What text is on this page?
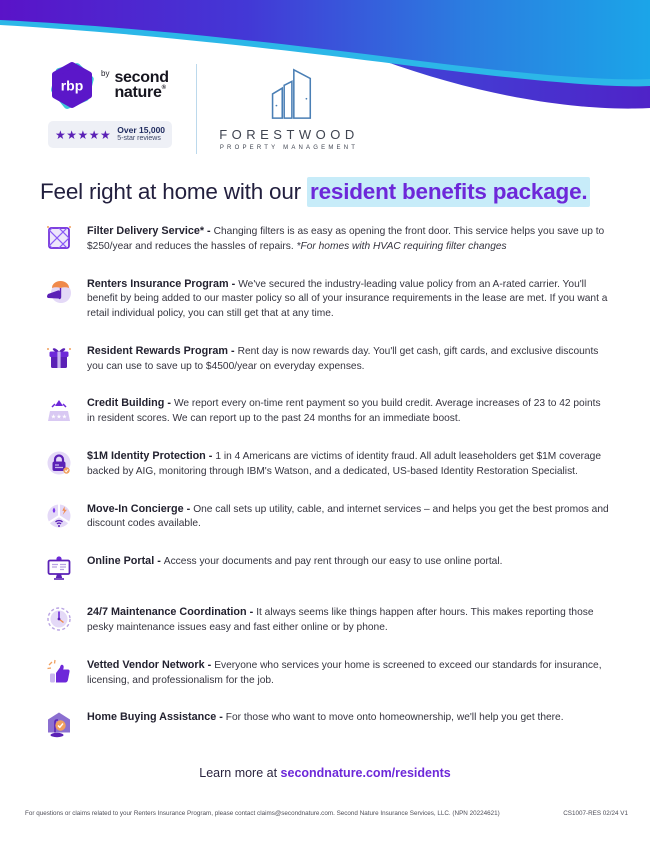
rbp
by second
nature®
★★★★★ Over 15,000
5-star reviews	FORESTWOOD
PROPERTY MANAGEMENT
Feel right at home with our resident benefits package.
Filter Delivery Service* - Changing filters is as easy as opening the front door. This service helps you save up to $250/year and reduces the hassles of repairs. *For homes with HVAC requiring filter changes
Renters Insurance Program - We've secured the industry-leading value policy from an A-rated carrier. You'll benefit by being added to our master policy so all of your insurance requirements in the lease are met. If you want a retail individual policy, you can still get that at any time.
Resident Rewards Program - Rent day is now rewards day. You'll get cash, gift cards, and exclusive discounts you can use to save up to $4500/year on everyday expenses.
★ ★ ★
Credit Building - We report every on-time rent payment so you build credit. Average increases of 23 to 42 points in resident scores. We can report up to the past 24 months for an immediate boost.
$1M Identity Protection - 1 in 4 Americans are victims of identity fraud. All adult leaseholders get $1M coverage backed by AIG, monitoring through IBM's Watson, and a dedicated, US-based Identity Restoration Specialist.
Move-In Concierge - One call sets up utility, cable, and internet services – and helps you get the best promos and discount codes available.
Online Portal - Access your documents and pay rent through our easy to use online portal.
24/7 Maintenance Coordination - It always seems like things happen after hours. This makes reporting those pesky maintenance issues easy and fast either online or by phone.
Vetted Vendor Network - Everyone who services your home is screened to exceed our standards for insurance, licensing, and professionalism for the job.
Home Buying Assistance - For those who want to move onto homeownership, we'll help you get there.
Learn more at secondnature.com/residents
For questions or claims related to your Renters Insurance Program, please contact claims@secondnature.com. Second Nature Insurance Services, LLC. (NPN 20224621)	CS1007-RES 02/24 V1
